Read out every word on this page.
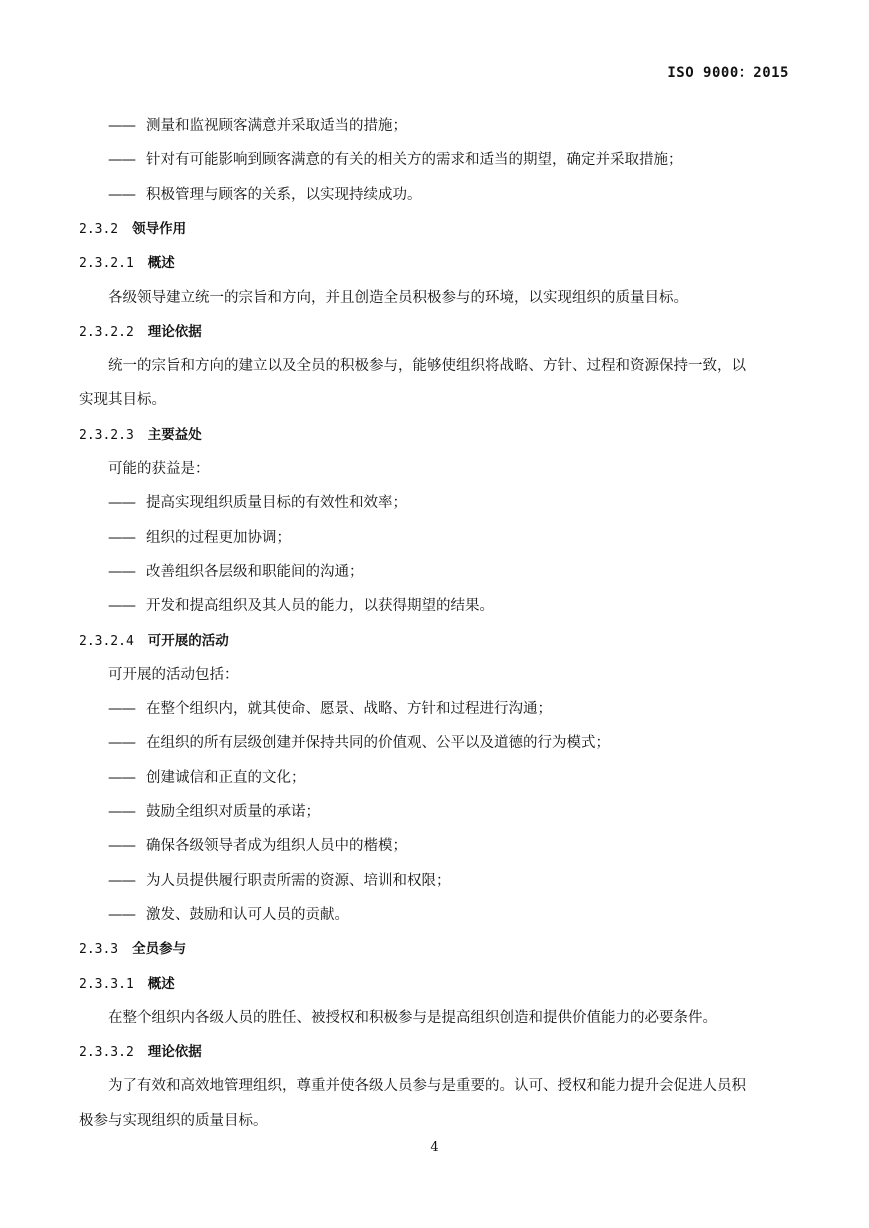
ISO 9000：2015
—— 测量和监视顾客满意并采取适当的措施；
—— 针对有可能影响到顾客满意的有关的相关方的需求和适当的期望，确定并采取措施；
—— 积极管理与顾客的关系，以实现持续成功。
2.3.2 领导作用
2.3.2.1 概述
各级领导建立统一的宗旨和方向，并且创造全员积极参与的环境，以实现组织的质量目标。
2.3.2.2 理论依据
统一的宗旨和方向的建立以及全员的积极参与，能够使组织将战略、方针、过程和资源保持一致，以
实现其目标。
2.3.2.3 主要益处
可能的获益是：
—— 提高实现组织质量目标的有效性和效率；
—— 组织的过程更加协调；
—— 改善组织各层级和职能间的沟通；
—— 开发和提高组织及其人员的能力，以获得期望的结果。
2.3.2.4 可开展的活动
可开展的活动包括：
—— 在整个组织内，就其使命、愿景、战略、方针和过程进行沟通；
—— 在组织的所有层级创建并保持共同的价值观、公平以及道德的行为模式；
—— 创建诚信和正直的文化；
—— 鼓励全组织对质量的承诺；
—— 确保各级领导者成为组织人员中的楷模；
—— 为人员提供履行职责所需的资源、培训和权限；
—— 激发、鼓励和认可人员的贡献。
2.3.3 全员参与
2.3.3.1 概述
在整个组织内各级人员的胜任、被授权和积极参与是提高组织创造和提供价值能力的必要条件。
2.3.3.2 理论依据
为了有效和高效地管理组织，尊重并使各级人员参与是重要的。认可、授权和能力提升会促进人员积
极参与实现组织的质量目标。
4
